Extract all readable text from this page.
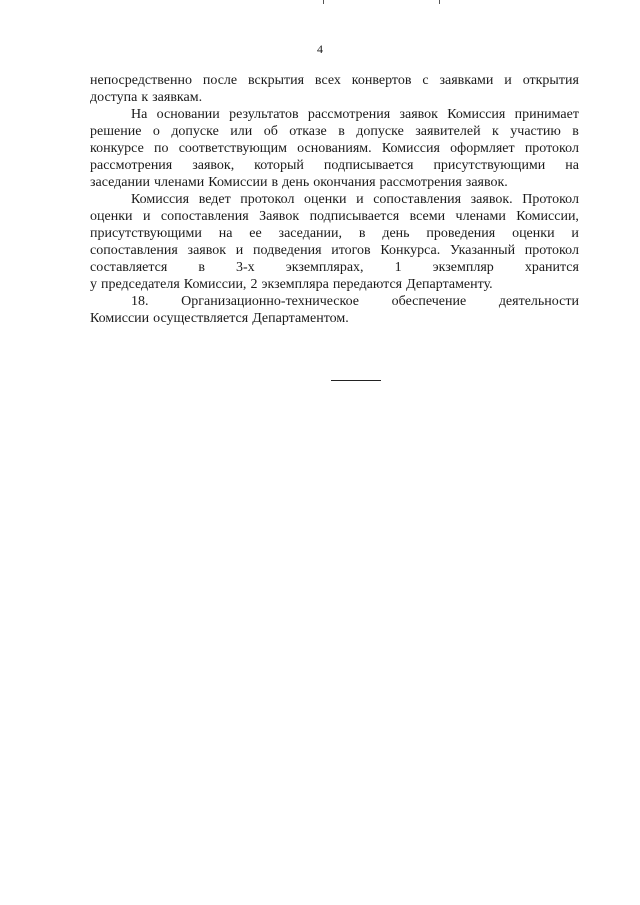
4
непосредственно после вскрытия всех конвертов с заявками и открытия
доступа к заявкам.
На основании результатов рассмотрения заявок Комиссия принимает
решение о допуске или об отказе в допуске заявителей к участию в
конкурсе по соответствующим основаниям. Комиссия оформляет протокол
рассмотрения заявок, который подписывается присутствующими на
заседании членами Комиссии в день окончания рассмотрения заявок.
Комиссия ведет протокол оценки и сопоставления заявок. Протокол
оценки и сопоставления Заявок подписывается всеми членами Комиссии,
присутствующими на ее заседании, в день проведения оценки и
сопоставления заявок и подведения итогов Конкурса. Указанный протокол
составляется в 3-х экземплярах, 1 экземпляр хранится
у председателя Комиссии, 2 экземпляра передаются Департаменту.
18. Организационно-техническое обеспечение деятельности
Комиссии осуществляется Департаментом.
